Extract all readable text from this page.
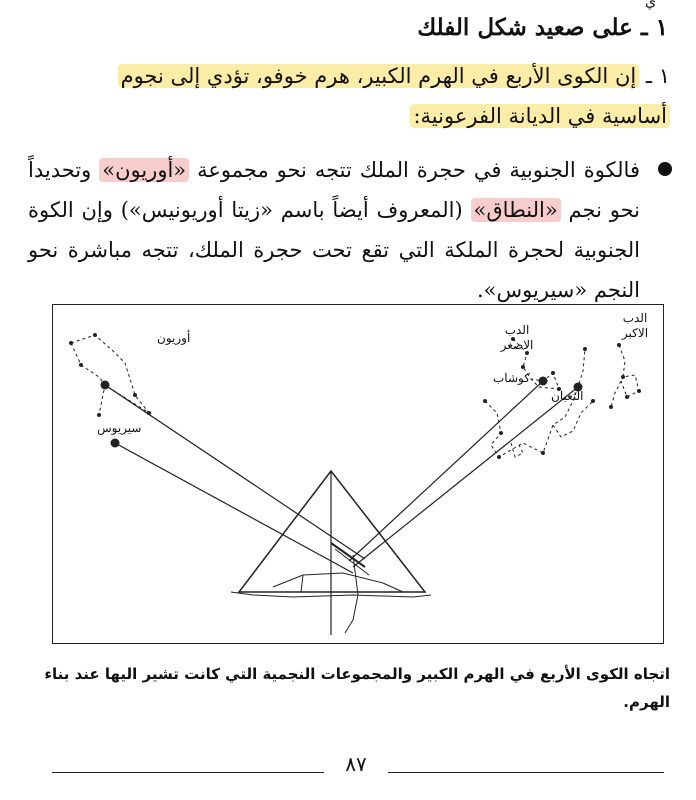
ي
١ ـ على صعيد شكل الفلك
١ ـ إن الكوى الأربع في الهرم الكبير، هرم خوفو، تؤدي إلى نجوم
أساسية في الديانة الفرعونية:
فالكوة الجنوبية في حجرة الملك تتجه نحو مجموعة «أوريون» وتحديداً نحو نجم «النطاق» (المعروف أيضاً باسم «زيتا أوريونيس») وإن الكوة الجنوبية لحجرة الملكة التي تقع تحت حجرة الملك، تتجه مباشرة نحو النجم «سيريوس».
أوريون
سيريوس
الدب الاصغر
كوشاب
الثعبان
الدب الاكبر
اتجاه الكوى الأربع في الهرم الكبير والمجموعات النجمية التي كانت تشير اليها عند بناء الهرم.
٨٧
